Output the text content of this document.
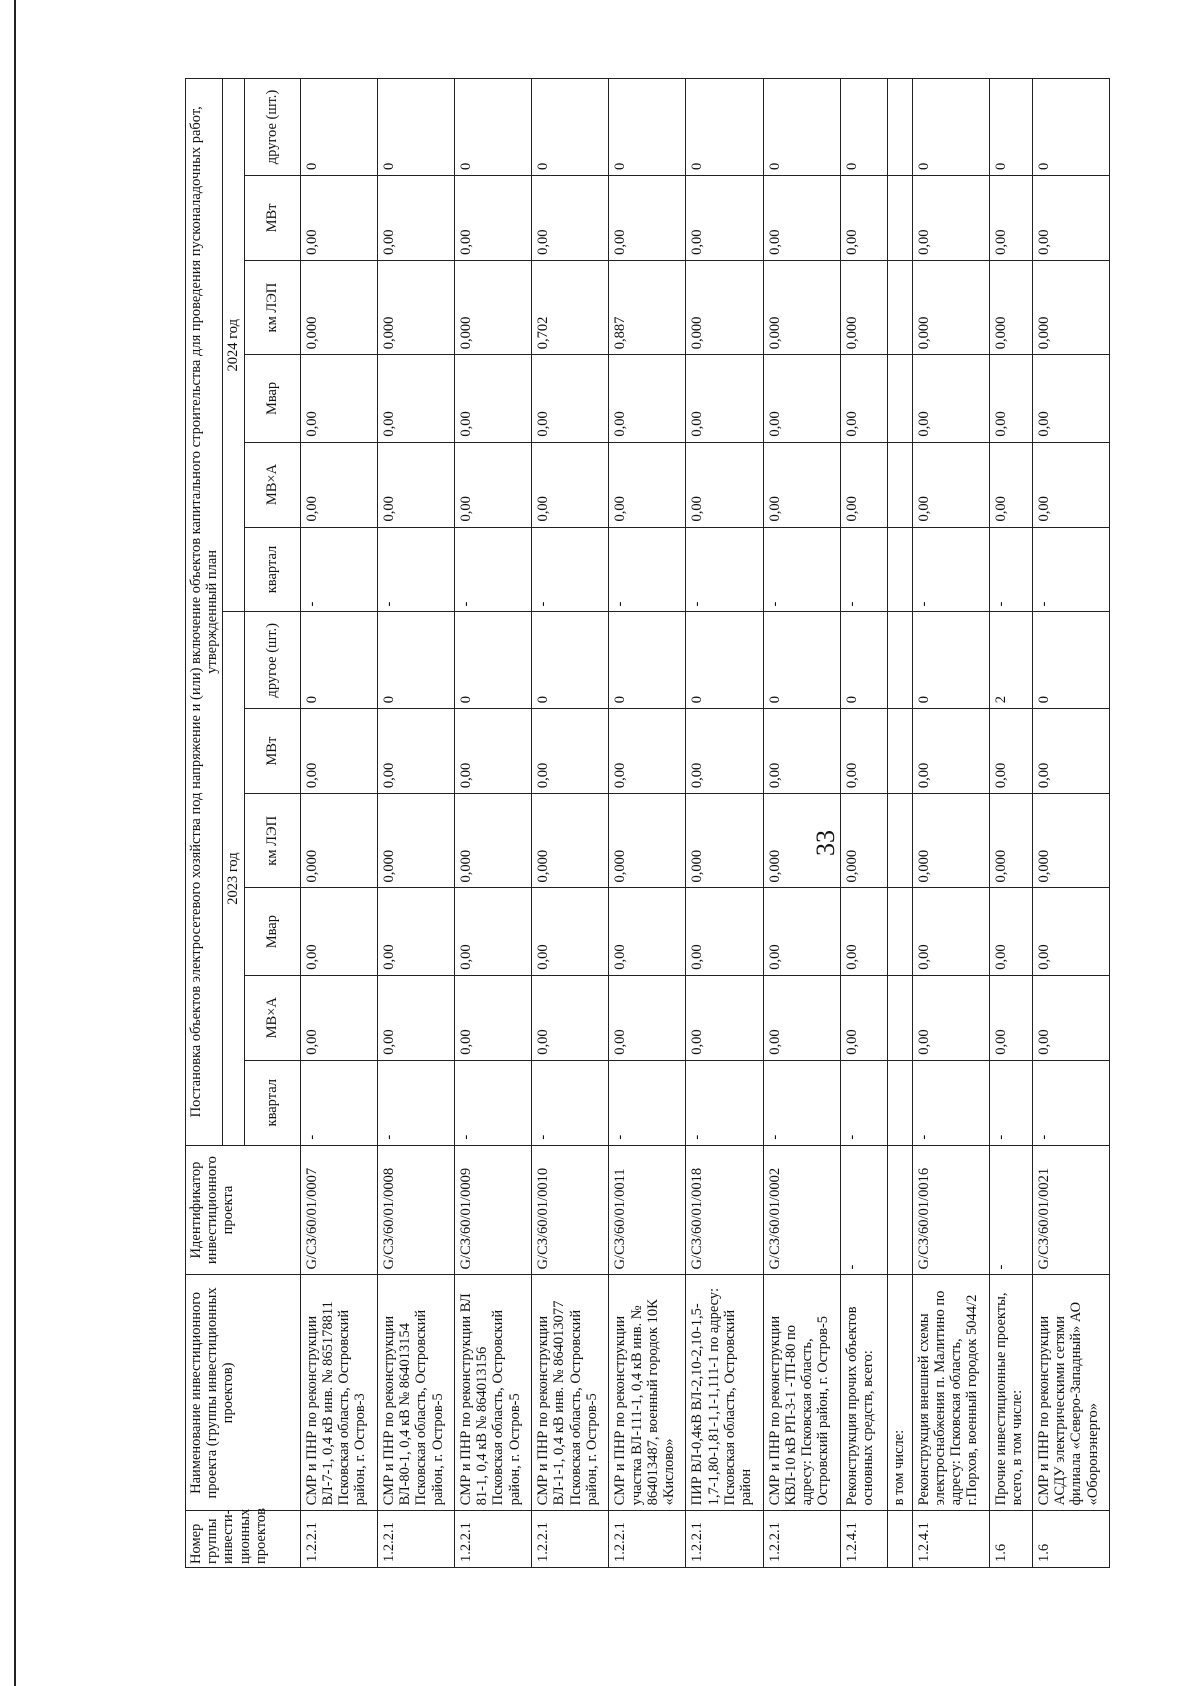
33
Номер группы инвести-ционных проектов	Наименование инвестиционного проекта (группы инвестиционных проектов)	Идентификатор инвестиционного проекта	Постановка объектов электросетевого хозяйства под напряжение и (или) включение объектов капитального строительства для проведения пусконаладочных работ, утвержденный план											
			2023 год						2024 год					
			квартал	МВ×А	Мвар	км ЛЭП	МВт	другое (шт.)	квартал	МВ×А	Мвар	км ЛЭП	МВт	другое (шт.)
1.2.2.1	СМР и ПНР по реконструкции ВЛ-7-1, 0,4 кВ инв. № 865178811 Псковская область, Островский район, г. Остров-3	G/СЗ/60/01/0007	-	0,00	0,00	0,000	0,00	0	-	0,00	0,00	0,000	0,00	0
1.2.2.1	СМР и ПНР по реконструкции ВЛ-80-1, 0,4 кВ № 864013154 Псковская область, Островский район, г. Остров-5	G/СЗ/60/01/0008	-	0,00	0,00	0,000	0,00	0	-	0,00	0,00	0,000	0,00	0
1.2.2.1	СМР и ПНР по реконструкции ВЛ 81-1, 0,4 кВ № 864013156 Псковская область, Островский район, г. Остров-5	G/СЗ/60/01/0009	-	0,00	0,00	0,000	0,00	0	-	0,00	0,00	0,000	0,00	0
1.2.2.1	СМР и ПНР по реконструкции ВЛ-1-1, 0,4 кВ инв. № 864013077 Псковская область, Островский район, г. Остров-5	G/СЗ/60/01/0010	-	0,00	0,00	0,000	0,00	0	-	0,00	0,00	0,702	0,00	0
1.2.2.1	СМР и ПНР по реконструкции участка ВЛ-111-1, 0,4 кВ инв. № 864013487, военный городок 10К «Кислово»	G/СЗ/60/01/0011	-	0,00	0,00	0,000	0,00	0	-	0,00	0,00	0,887	0,00	0
1.2.2.1	ПИР ВЛ-0,4кВ ВЛ-2,10-2,10-1,5-1,7-1,80-1,81-1,1-1,111-1 по адресу: Псковская область, Островский район	G/СЗ/60/01/0018	-	0,00	0,00	0,000	0,00	0	-	0,00	0,00	0,000	0,00	0
1.2.2.1	СМР и ПНР по реконструкции КВЛ-10 кВ РП-3-1 -ТП-80 по адресу: Псковская область, Островский район, г. Остров-5	G/СЗ/60/01/0002	-	0,00	0,00	0,000	0,00	0	-	0,00	0,00	0,000	0,00	0
1.2.4.1	Реконструкция прочих объектов основных средств, всего:	-	-	0,00	0,00	0,000	0,00	0	-	0,00	0,00	0,000	0,00	0
	в том числе:													
1.2.4.1	Реконструкция внешней схемы электроснабжения п. Малитино по адресу: Псковская область, г.Порхов, военный городок 5044/2	G/СЗ/60/01/0016	-	0,00	0,00	0,000	0,00	0	-	0,00	0,00	0,000	0,00	0
1.6	Прочие инвестиционные проекты, всего, в том числе:	-	-	0,00	0,00	0,000	0,00	2	-	0,00	0,00	0,000	0,00	0
1.6	СМР и ПНР по реконструкции АСДУ электрическими сетями филиала «Северо-Западный» АО «Оборонэнерго»	G/СЗ/60/01/0021	-	0,00	0,00	0,000	0,00	0	-	0,00	0,00	0,000	0,00	0
